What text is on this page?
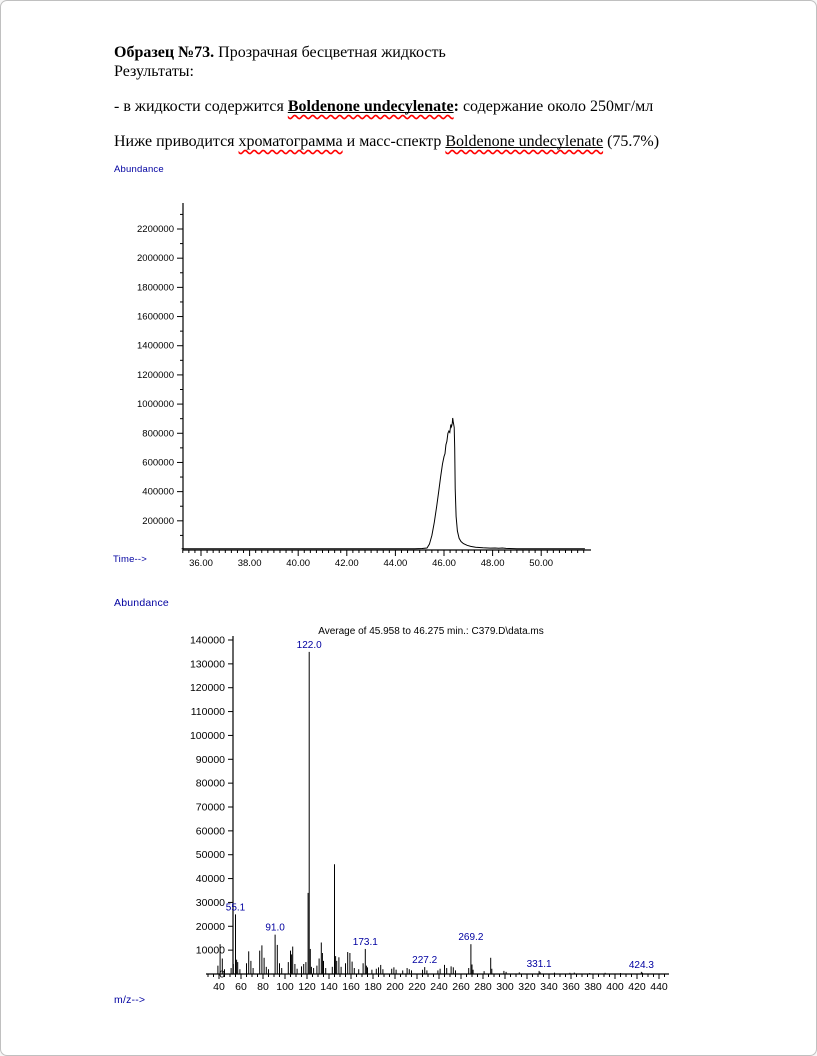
Образец №73. Прозрачная бесцветная жидкость
Результаты:

- в жидкости содержится Boldenone undecylenate: содержание около 250мг/мл

Ниже приводится хроматограмма и масс-спектр Boldenone undecylenate (75.7%)

Abundance
200000
400000
600000
800000
1000000
1200000
1400000
1600000
1800000
2000000
2200000
36.00	38.00	40.00	42.00	44.00	46.00	48.00	50.00
Time-->
Abundance
Average of 45.958 to 46.275 min.: C379.D\data.ms
0
10000
20000
30000
40000
50000
60000
70000
80000
90000
100000
110000
120000
130000
140000
40 60 80 100 120 140 160 180 200 220 240 260 280 300 320 340 360 380 400 420 440
55.1
91.0
122.0
173.1
227.2
269.2
331.1	424.3
m/z-->
